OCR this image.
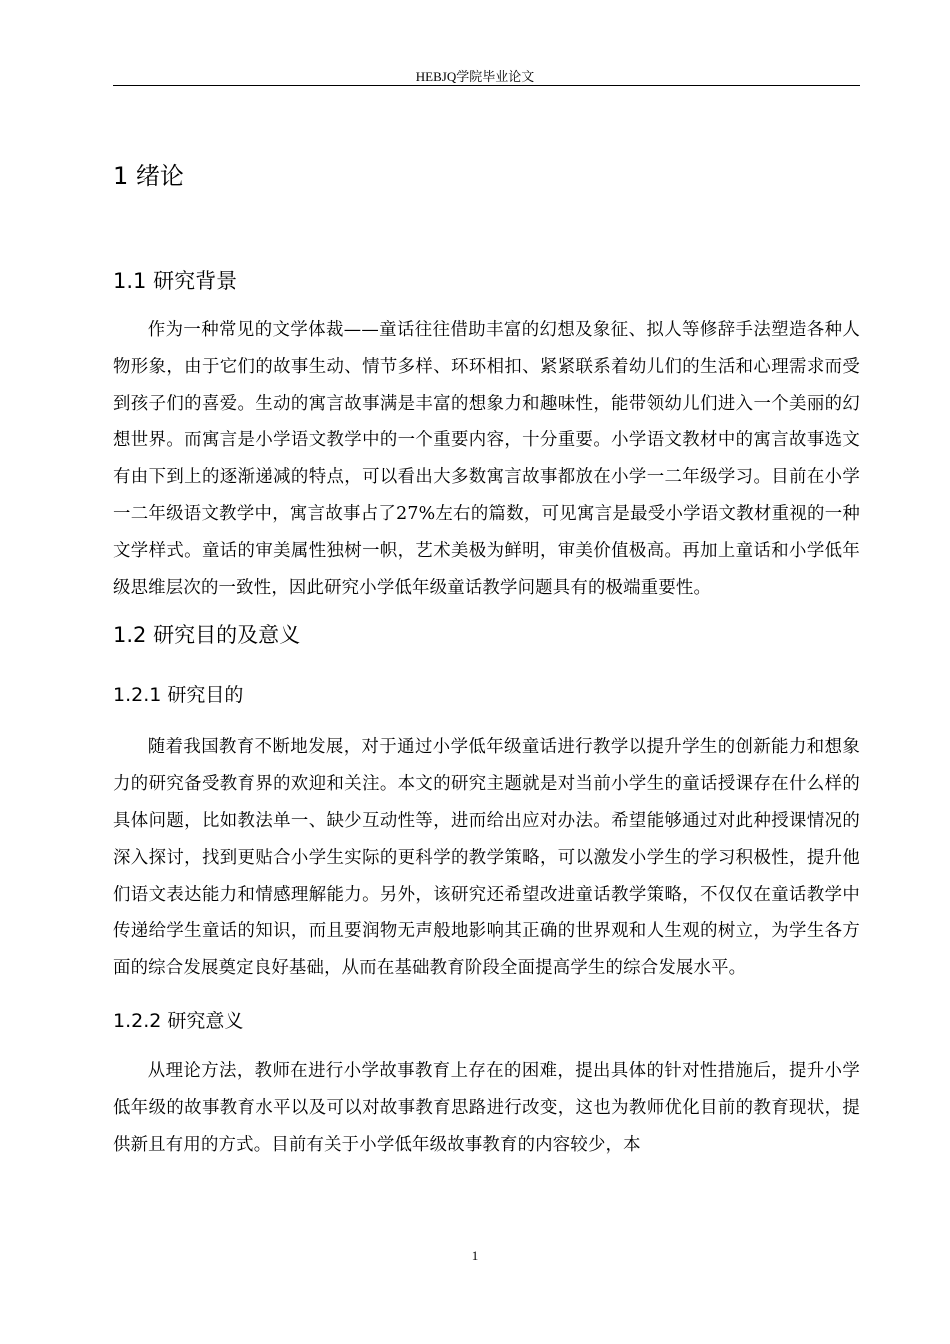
HEBJQ学院毕业论文
1 绪论
1.1 研究背景

作为一种常见的文学体裁——童话往往借助丰富的幻想及象征、拟人等修辞手法塑造各种人物形象，由于它们的故事生动、情节多样、环环相扣、紧紧联系着幼儿们的生活和心理需求而受到孩子们的喜爱。生动的寓言故事满是丰富的想象力和趣味性，能带领幼儿们进入一个美丽的幻想世界。而寓言是小学语文教学中的一个重要内容，十分重要。小学语文教材中的寓言故事选文有由下到上的逐渐递减的特点，可以看出大多数寓言故事都放在小学一二年级学习。目前在小学一二年级语文教学中，寓言故事占了27%左右的篇数，可见寓言是最受小学语文教材重视的一种文学样式。童话的审美属性独树一帜，艺术美极为鲜明，审美价值极高。再加上童话和小学低年级思维层次的一致性，因此研究小学低年级童话教学问题具有的极端重要性。

1.2 研究目的及意义
1.2.1 研究目的

随着我国教育不断地发展，对于通过小学低年级童话进行教学以提升学生的创新能力和想象力的研究备受教育界的欢迎和关注。本文的研究主题就是对当前小学生的童话授课存在什么样的具体问题，比如教法单一、缺少互动性等，进而给出应对办法。希望能够通过对此种授课情况的深入探讨，找到更贴合小学生实际的更科学的教学策略，可以激发小学生的学习积极性，提升他们语文表达能力和情感理解能力。另外，该研究还希望改进童话教学策略，不仅仅在童话教学中传递给学生童话的知识，而且要润物无声般地影响其正确的世界观和人生观的树立，为学生各方面的综合发展奠定良好基础，从而在基础教育阶段全面提高学生的综合发展水平。

1.2.2 研究意义

从理论方法，教师在进行小学故事教育上存在的困难，提出具体的针对性措施后，提升小学低年级的故事教育水平以及可以对故事教育思路进行改变，这也为教师优化目前的教育现状，提供新且有用的方式。目前有关于小学低年级故事教育的内容较少，本

1
